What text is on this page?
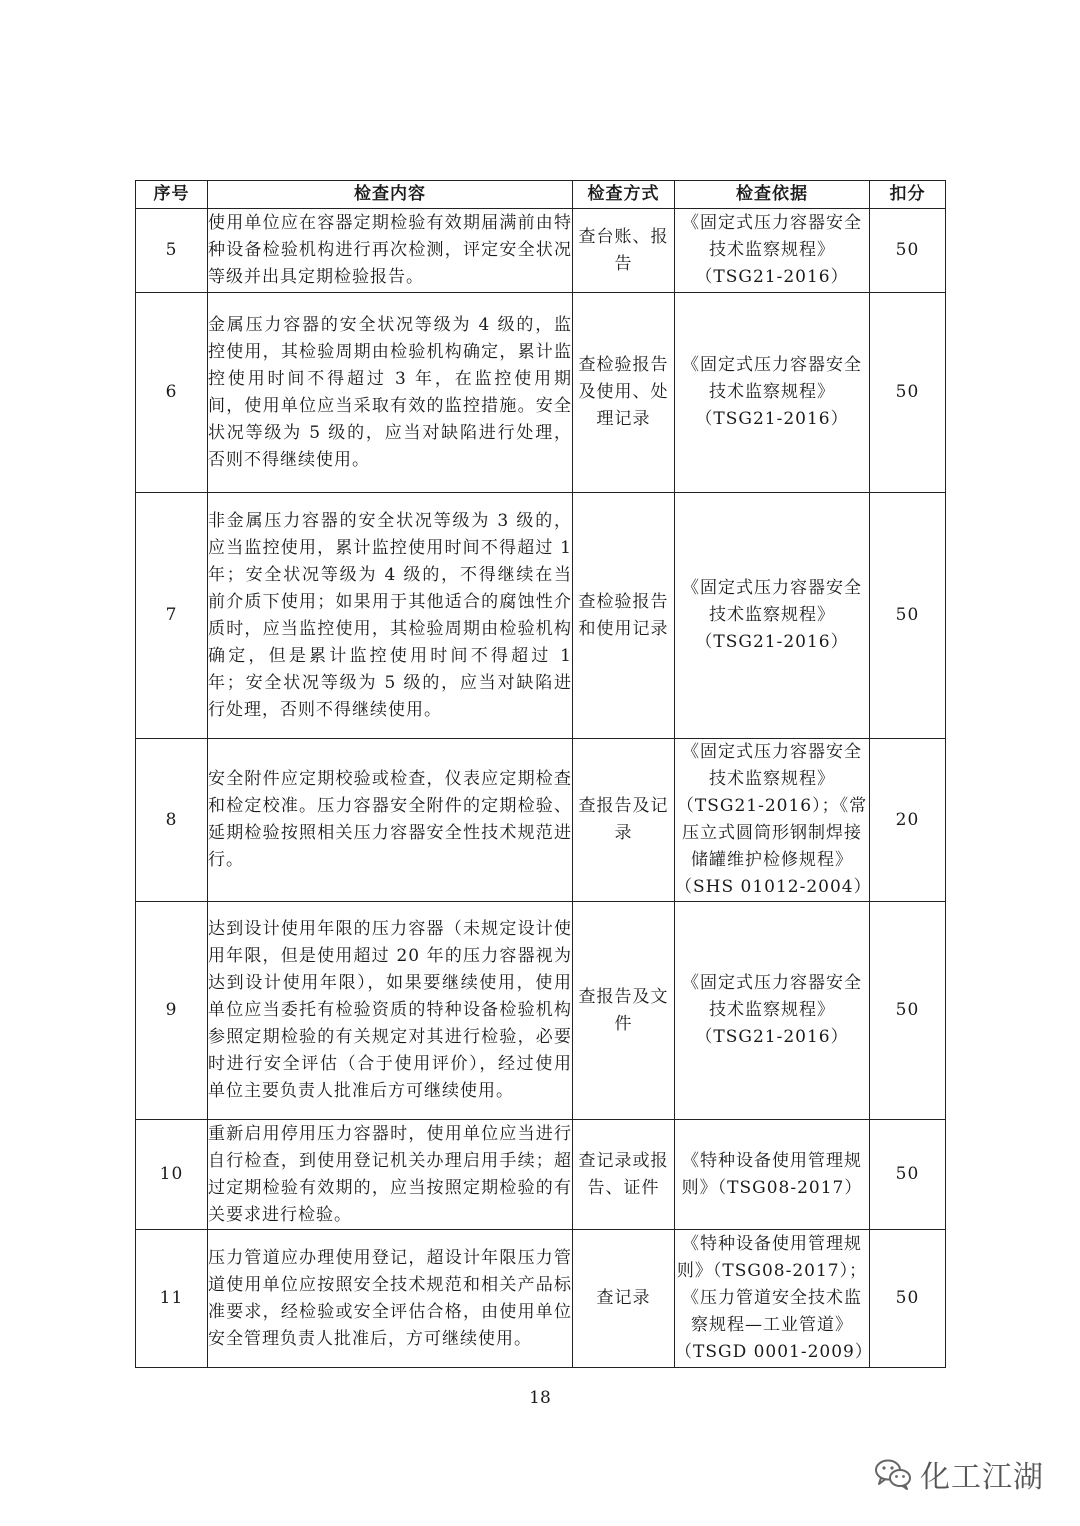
序号	检查内容	检查方式	检查依据	扣分
5	使用单位应在容器定期检验有效期届满前由特种设备检验机构进行再次检测，评定安全状况等级并出具定期检验报告。	查台账、报告	《固定式压力容器安全技术监察规程》（TSG21-2016）	50
6	金属压力容器的安全状况等级为 4 级的，监控使用，其检验周期由检验机构确定，累计监控使用时间不得超过 3 年，在监控使用期间，使用单位应当采取有效的监控措施。安全状况等级为 5 级的，应当对缺陷进行处理，否则不得继续使用。	查检验报告及使用、处理记录	《固定式压力容器安全技术监察规程》（TSG21-2016）	50
7	非金属压力容器的安全状况等级为 3 级的，应当监控使用，累计监控使用时间不得超过 1 年；安全状况等级为 4 级的，不得继续在当前介质下使用；如果用于其他适合的腐蚀性介质时，应当监控使用，其检验周期由检验机构确定，但是累计监控使用时间不得超过 1 年；安全状况等级为 5 级的，应当对缺陷进行处理，否则不得继续使用。	查检验报告和使用记录	《固定式压力容器安全技术监察规程》（TSG21-2016）	50
8	安全附件应定期校验或检查，仪表应定期检查和检定校准。压力容器安全附件的定期检验、延期检验按照相关压力容器安全性技术规范进行。	查报告及记录	《固定式压力容器安全技术监察规程》（TSG21-2016）；《常压立式圆筒形钢制焊接储罐维护检修规程》（SHS 01012-2004）	20
9	达到设计使用年限的压力容器（未规定设计使用年限，但是使用超过 20 年的压力容器视为达到设计使用年限），如果要继续使用，使用单位应当委托有检验资质的特种设备检验机构参照定期检验的有关规定对其进行检验，必要时进行安全评估（合于使用评价），经过使用单位主要负责人批准后方可继续使用。	查报告及文件	《固定式压力容器安全技术监察规程》（TSG21-2016）	50
10	重新启用停用压力容器时，使用单位应当进行自行检查，到使用登记机关办理启用手续；超过定期检验有效期的，应当按照定期检验的有关要求进行检验。	查记录或报告、证件	《特种设备使用管理规则》（TSG08-2017）	50
11	压力管道应办理使用登记，超设计年限压力管道使用单位应按照安全技术规范和相关产品标准要求，经检验或安全评估合格，由使用单位安全管理负责人批准后，方可继续使用。	查记录	《特种设备使用管理规则》（TSG08-2017）；《压力管道安全技术监察规程—工业管道》（TSGD 0001-2009）	50
18
化工江湖
